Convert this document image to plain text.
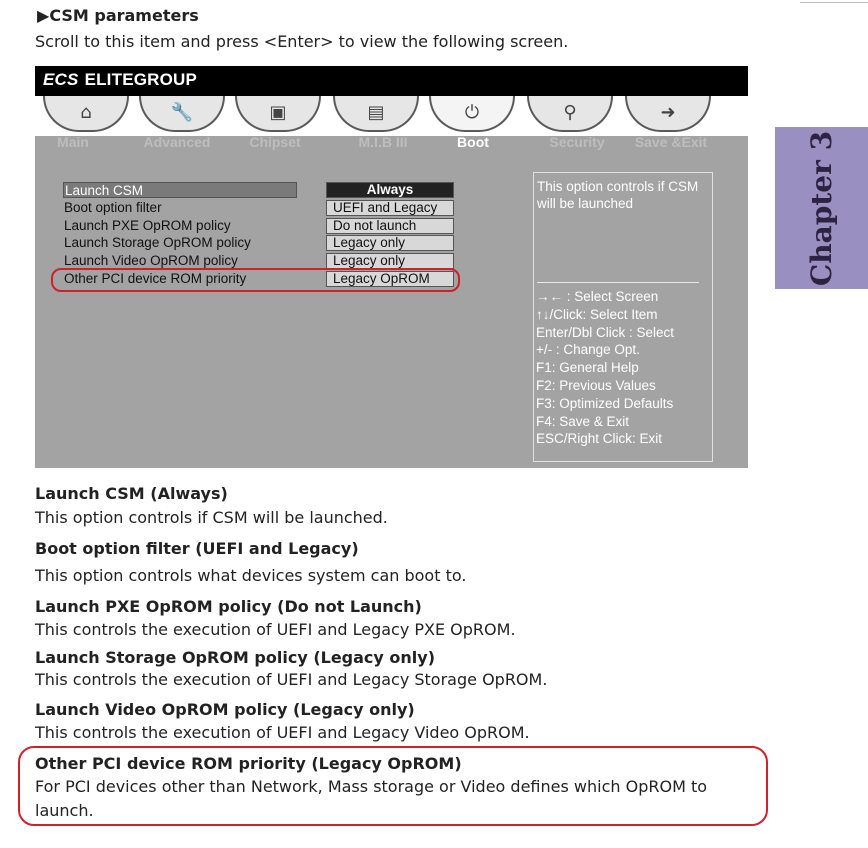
▶CSM parameters
Scroll to this item and press <Enter> to view the following screen.
Chapter 3
ECS ELITEGROUP
⌂	🔧	▣	▤	⏻	⚲	➜
Main	Advanced	Chipset	M.I.B III	Boot	Security	Save &Exit
Launch CSM	Always
Boot option filter	UEFI and Legacy
Launch PXE OpROM policy	Do not launch
Launch Storage OpROM policy	Legacy only
Launch Video OpROM policy	Legacy only
Other PCI device ROM priority	Legacy OpROM
This option controls if CSM will be launched
→← : Select Screen
↑↓/Click: Select Item
Enter/Dbl Click : Select
+/- : Change Opt.
F1: General Help
F2: Previous Values
F3: Optimized Defaults
F4: Save & Exit
ESC/Right Click: Exit
Launch CSM (Always)
This option controls if CSM will be launched.
Boot option filter (UEFI and Legacy)
This option controls what devices system can boot to.
Launch PXE OpROM policy (Do not Launch)
This controls the execution of UEFI and Legacy PXE OpROM.
Launch Storage OpROM policy (Legacy only)
This controls the execution of UEFI and Legacy Storage OpROM.
Launch Video OpROM policy (Legacy only)
This controls the execution of UEFI and Legacy Video OpROM.
Other PCI device ROM priority (Legacy OpROM)
For PCI devices other than Network, Mass storage or Video defines which OpROM to
launch.
